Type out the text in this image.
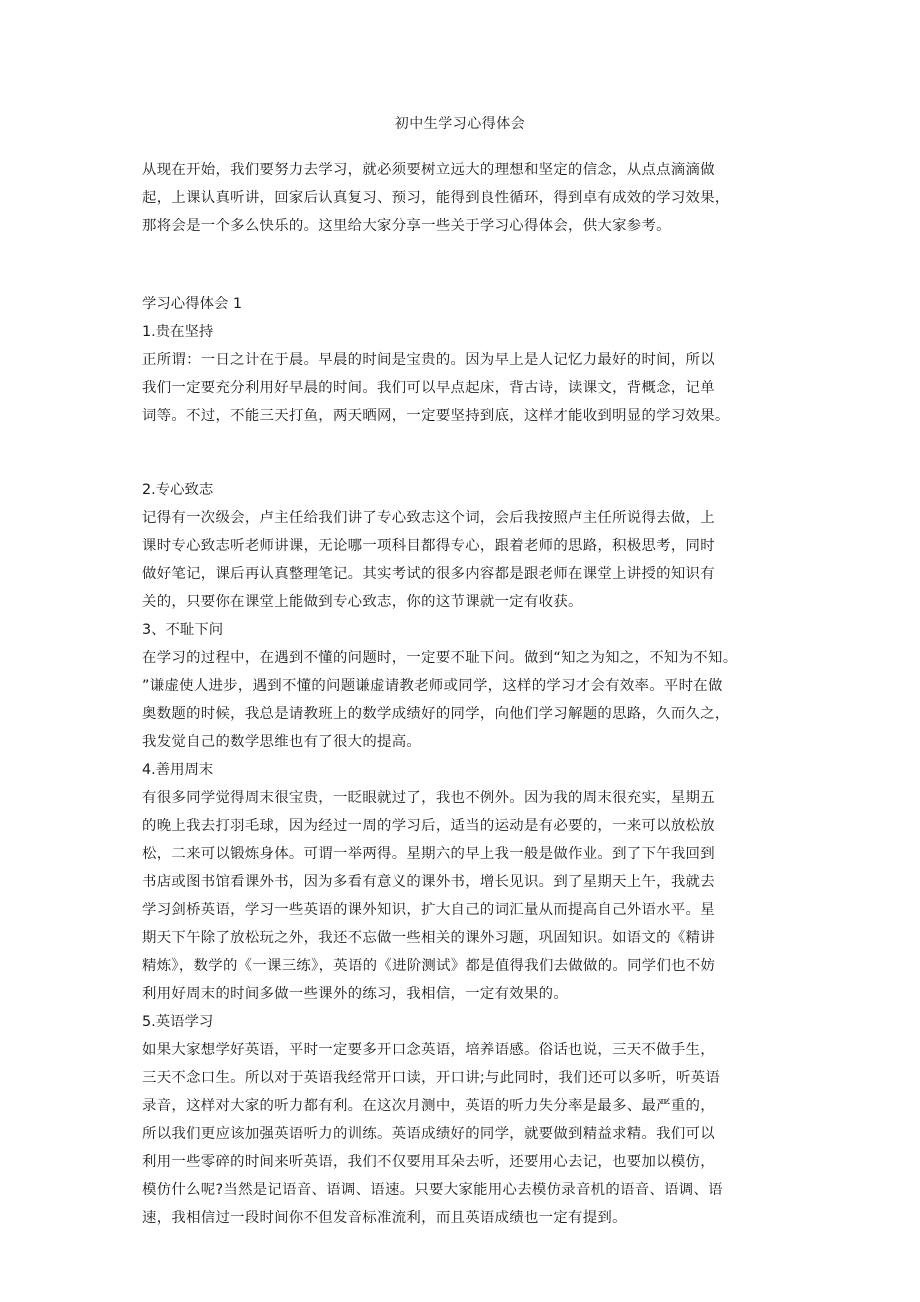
初中生学习心得体会
从现在开始，我们要努力去学习，就必须要树立远大的理想和坚定的信念，从点点滴滴做
起，上课认真听讲，回家后认真复习、预习，能得到良性循环，得到卓有成效的学习效果，
那将会是一个多么快乐的。这里给大家分享一些关于学习心得体会，供大家参考。
学习心得体会 1
1.贵在坚持
正所谓：一日之计在于晨。早晨的时间是宝贵的。因为早上是人记忆力最好的时间，所以
我们一定要充分利用好早晨的时间。我们可以早点起床，背古诗，读课文，背概念，记单
词等。不过，不能三天打鱼，两天晒网，一定要坚持到底，这样才能收到明显的学习效果。
2.专心致志
记得有一次级会，卢主任给我们讲了专心致志这个词，会后我按照卢主任所说得去做，上
课时专心致志听老师讲课，无论哪一项科目都得专心，跟着老师的思路，积极思考，同时
做好笔记，课后再认真整理笔记。其实考试的很多内容都是跟老师在课堂上讲授的知识有
关的，只要你在课堂上能做到专心致志，你的这节课就一定有收获。
3、不耻下问
在学习的过程中，在遇到不懂的问题时，一定要不耻下问。做到“知之为知之，不知为不知。
”谦虚使人进步，遇到不懂的问题谦虚请教老师或同学，这样的学习才会有效率。平时在做
奥数题的时候，我总是请教班上的数学成绩好的同学，向他们学习解题的思路，久而久之，
我发觉自己的数学思维也有了很大的提高。
4.善用周末
有很多同学觉得周末很宝贵，一眨眼就过了，我也不例外。因为我的周末很充实，星期五
的晚上我去打羽毛球，因为经过一周的学习后，适当的运动是有必要的，一来可以放松放
松，二来可以锻炼身体。可谓一举两得。星期六的早上我一般是做作业。到了下午我回到
书店或图书馆看课外书，因为多看有意义的课外书，增长见识。到了星期天上午，我就去
学习剑桥英语，学习一些英语的课外知识，扩大自己的词汇量从而提高自己外语水平。星
期天下午除了放松玩之外，我还不忘做一些相关的课外习题，巩固知识。如语文的《精讲
精炼》，数学的《一课三练》，英语的《进阶测试》都是值得我们去做做的。同学们也不妨
利用好周末的时间多做一些课外的练习，我相信，一定有效果的。
5.英语学习
如果大家想学好英语，平时一定要多开口念英语，培养语感。俗话也说，三天不做手生，
三天不念口生。所以对于英语我经常开口读，开口讲;与此同时，我们还可以多听，听英语
录音，这样对大家的听力都有利。在这次月测中，英语的听力失分率是最多、最严重的，
所以我们更应该加强英语听力的训练。英语成绩好的同学，就要做到精益求精。我们可以
利用一些零碎的时间来听英语，我们不仅要用耳朵去听，还要用心去记，也要加以模仿，
模仿什么呢?当然是记语音、语调、语速。只要大家能用心去模仿录音机的语音、语调、语
速，我相信过一段时间你不但发音标准流利，而且英语成绩也一定有提到。
